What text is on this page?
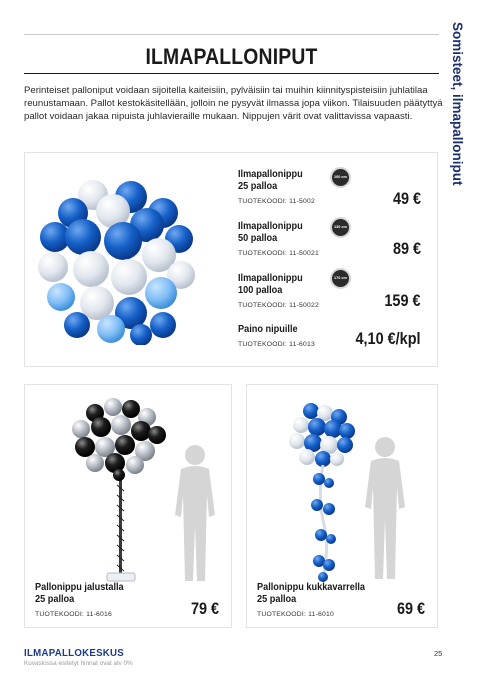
Somisteet, ilmapalloniput
ILMAPALLONIPUT
Perinteiset palloniput voidaan sijoitella kaiteisiin, pylväisiin tai muihin kiinnityspisteisiin juhlatilaa reunustamaan. Pallot kestokäsitellään, jolloin ne pysyvät ilmassa jopa viikon. Tilaisuuden päätyttyä pallot voidaan jakaa nipuista juhlavieraille mukaan. Nippujen värit ovat valittavissa vapaasti.
Ilmapallonippu
25 palloa
TUOTEKOODI: 11-5002
100 cm
49 €
Ilmapallonippu
50 palloa
TUOTEKOODI: 11-50021
130 cm
89 €
Ilmapallonippu
100 palloa
TUOTEKOODI: 11-50022
170 cm
159 €
Paino nipuille
TUOTEKOODI: 11-6013 4,10 €/kpl
Pallonippu jalustalla
25 palloa
TUOTEKOODI: 11-6016	79 €
Pallonippu kukkavarrella
25 palloa
TUOTEKOODI: 11-6010	69 €
ILMAPALLOKESKUS
Kuvaslossa esitetyt hinnat ovat alv 0%
25
